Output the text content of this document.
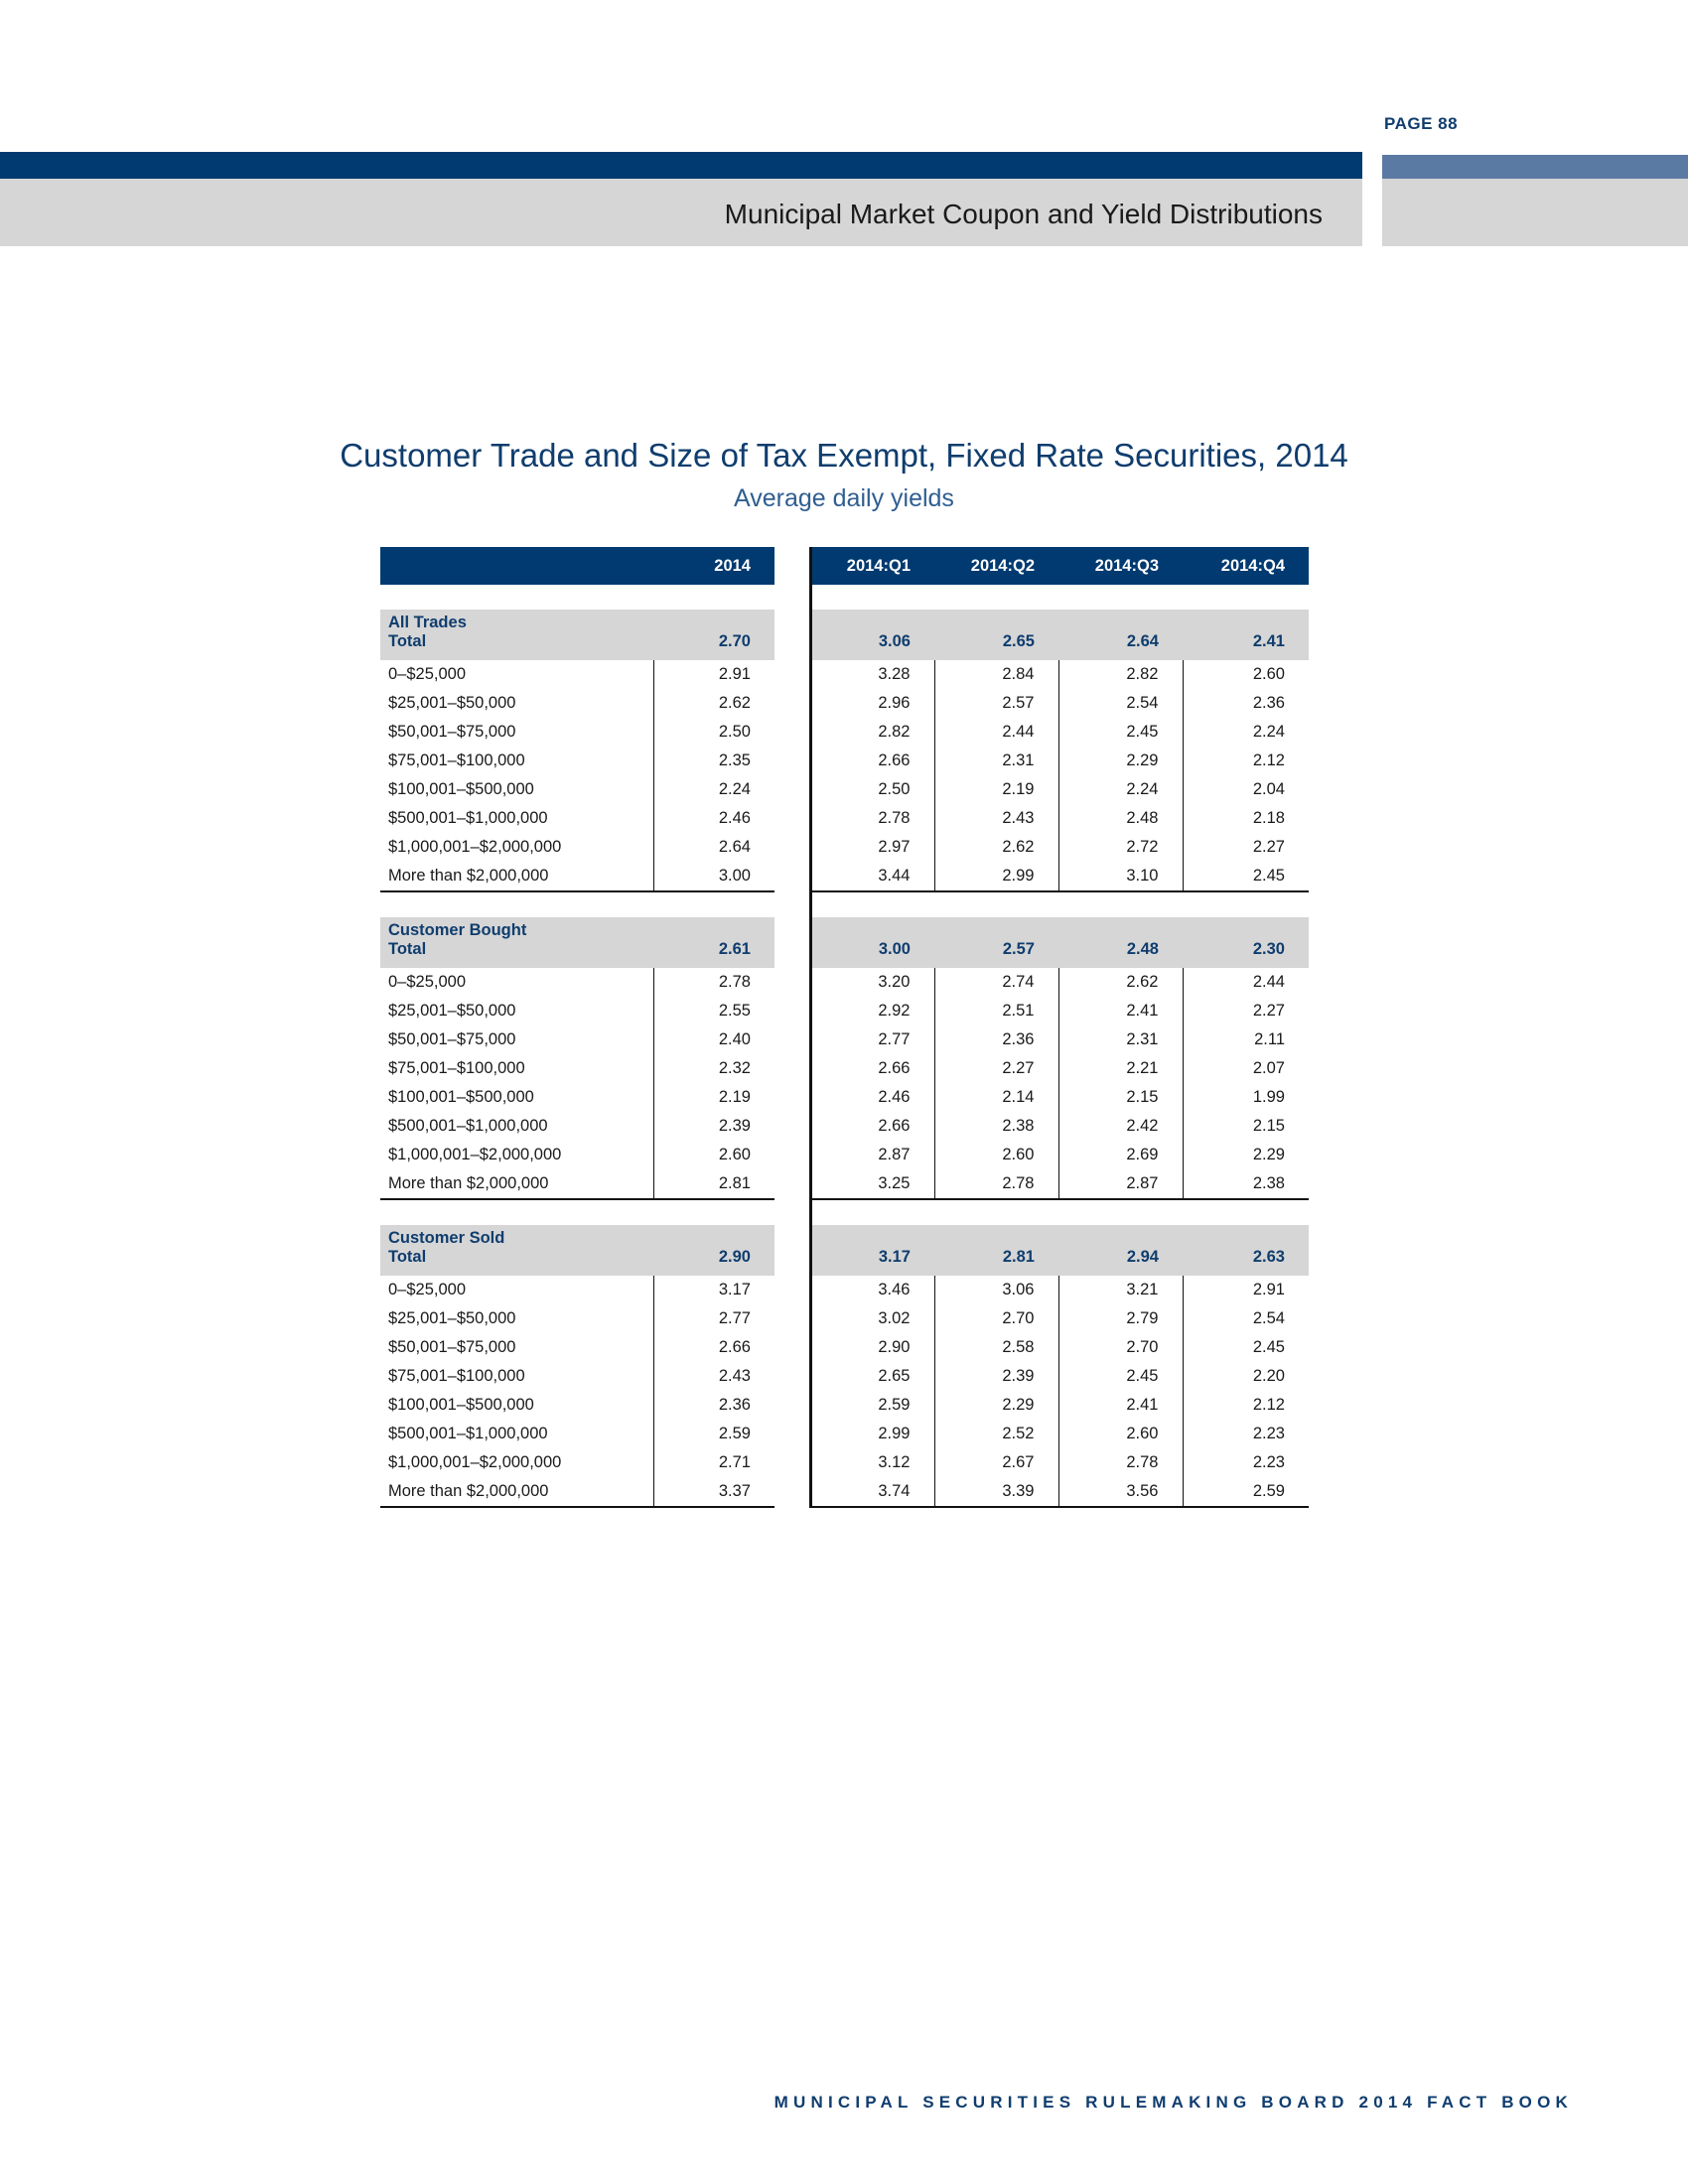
PAGE 88
Municipal Market Coupon and Yield Distributions
Customer Trade and Size of Tax Exempt, Fixed Rate Securities, 2014
Average daily yields
	2014		2014:Q1	2014:Q2	2014:Q3	2014:Q4

All Trades						
Total	2.70		3.06	2.65	2.64	2.41
0–$25,000	2.91		3.28	2.84	2.82	2.60
$25,001–$50,000	2.62		2.96	2.57	2.54	2.36
$50,001–$75,000	2.50		2.82	2.44	2.45	2.24
$75,001–$100,000	2.35		2.66	2.31	2.29	2.12
$100,001–$500,000	2.24		2.50	2.19	2.24	2.04
$500,001–$1,000,000	2.46		2.78	2.43	2.48	2.18
$1,000,001–$2,000,000	2.64		2.97	2.62	2.72	2.27
More than $2,000,000	3.00		3.44	2.99	3.10	2.45

Customer Bought						
Total	2.61		3.00	2.57	2.48	2.30
0–$25,000	2.78		3.20	2.74	2.62	2.44
$25,001–$50,000	2.55		2.92	2.51	2.41	2.27
$50,001–$75,000	2.40		2.77	2.36	2.31	2.11
$75,001–$100,000	2.32		2.66	2.27	2.21	2.07
$100,001–$500,000	2.19		2.46	2.14	2.15	1.99
$500,001–$1,000,000	2.39		2.66	2.38	2.42	2.15
$1,000,001–$2,000,000	2.60		2.87	2.60	2.69	2.29
More than $2,000,000	2.81		3.25	2.78	2.87	2.38

Customer Sold						
Total	2.90		3.17	2.81	2.94	2.63
0–$25,000	3.17		3.46	3.06	3.21	2.91
$25,001–$50,000	2.77		3.02	2.70	2.79	2.54
$50,001–$75,000	2.66		2.90	2.58	2.70	2.45
$75,001–$100,000	2.43		2.65	2.39	2.45	2.20
$100,001–$500,000	2.36		2.59	2.29	2.41	2.12
$500,001–$1,000,000	2.59		2.99	2.52	2.60	2.23
$1,000,001–$2,000,000	2.71		3.12	2.67	2.78	2.23
More than $2,000,000	3.37		3.74	3.39	3.56	2.59
MUNICIPAL SECURITIES RULEMAKING BOARD 2014 FACT BOOK
